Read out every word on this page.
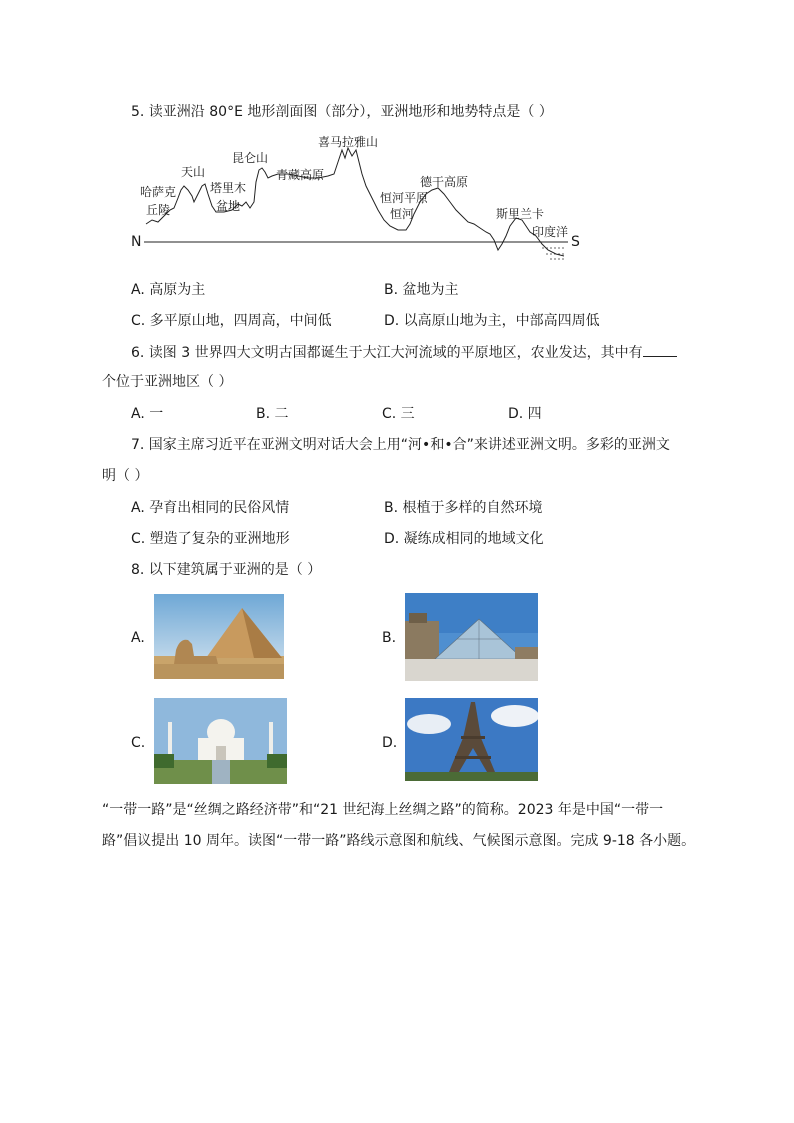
5. 读亚洲沿 80°E 地形剖面图（部分），亚洲地形和地势特点是（ ）
N	S
哈萨克
丘陵
天山
塔里木
盆地
昆仑山
青藏高原
喜马拉雅山
恒河平原
恒河
德干高原
斯里兰卡
印度洋
A. 高原为主	B. 盆地为主
C. 多平原山地，四周高，中间低	D. 以高原山地为主，中部高四周低
6. 读图 3 世界四大文明古国都诞生于大江大河流域的平原地区，农业发达，其中有
个位于亚洲地区（ ）
A. 一	B. 二	C. 三	D. 四
7. 国家主席习近平在亚洲文明对话大会上用“河•和•合”来讲述亚洲文明。多彩的亚洲文
明（ ）
A. 孕育出相同的民俗风情	B. 根植于多样的自然环境
C. 塑造了复杂的亚洲地形	D. 凝练成相同的地域文化
8. 以下建筑属于亚洲的是（ ）
A.	B.
C.	D.
“一带一路”是“丝绸之路经济带”和“21 世纪海上丝绸之路”的简称。2023 年是中国“一带一
路”倡议提出 10 周年。读图“一带一路”路线示意图和航线、气候图示意图。完成 9-18 各小题。
